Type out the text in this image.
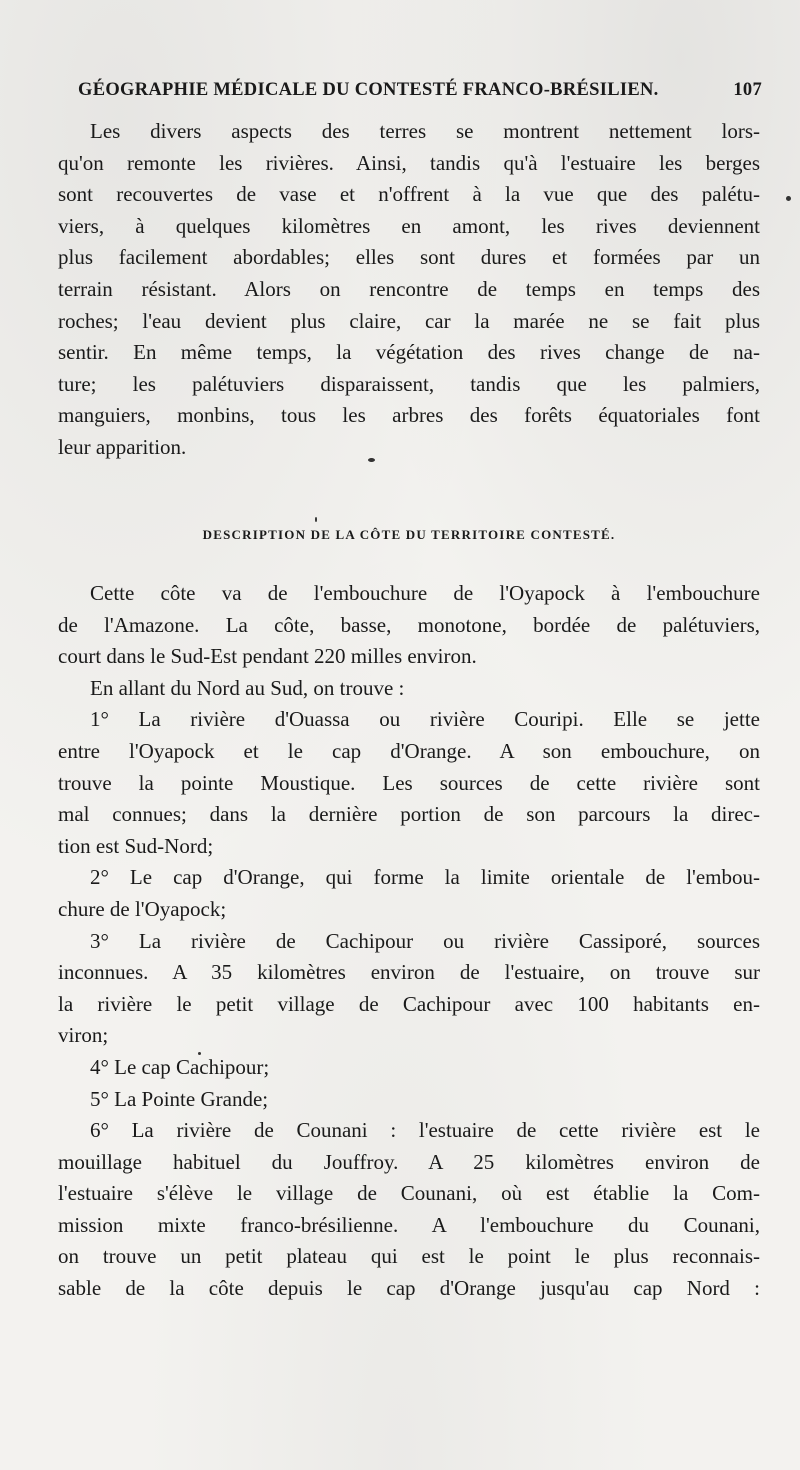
GÉOGRAPHIE MÉDICALE DU CONTESTÉ FRANCO-BRÉSILIEN.	107
Les divers aspects des terres se montrent nettement lors-
qu'on remonte les rivières. Ainsi, tandis qu'à l'estuaire les berges
sont recouvertes de vase et n'offrent à la vue que des palétu-
viers, à quelques kilomètres en amont, les rives deviennent
plus facilement abordables; elles sont dures et formées par un
terrain résistant. Alors on rencontre de temps en temps des
roches; l'eau devient plus claire, car la marée ne se fait plus
sentir. En même temps, la végétation des rives change de na-
ture; les palétuviers disparaissent, tandis que les palmiers,
manguiers, monbins, tous les arbres des forêts équatoriales font
leur apparition.
DESCRIPTION DE LA CÔTE DU TERRITOIRE CONTESTÉ.
Cette côte va de l'embouchure de l'Oyapock à l'embouchure
de l'Amazone. La côte, basse, monotone, bordée de palétuviers,
court dans le Sud-Est pendant 220 milles environ.
En allant du Nord au Sud, on trouve :
1° La rivière d'Ouassa ou rivière Couripi. Elle se jette
entre l'Oyapock et le cap d'Orange. A son embouchure, on
trouve la pointe Moustique. Les sources de cette rivière sont
mal connues; dans la dernière portion de son parcours la direc-
tion est Sud-Nord;
2° Le cap d'Orange, qui forme la limite orientale de l'embou-
chure de l'Oyapock;
3° La rivière de Cachipour ou rivière Cassiporé, sources
inconnues. A 35 kilomètres environ de l'estuaire, on trouve sur
la rivière le petit village de Cachipour avec 100 habitants en-
viron;
4° Le cap Cachipour;
5° La Pointe Grande;
6° La rivière de Counani : l'estuaire de cette rivière est le
mouillage habituel du Jouffroy. A 25 kilomètres environ de
l'estuaire s'élève le village de Counani, où est établie la Com-
mission mixte franco-brésilienne. A l'embouchure du Counani,
on trouve un petit plateau qui est le point le plus reconnais-
sable de la côte depuis le cap d'Orange jusqu'au cap Nord :
